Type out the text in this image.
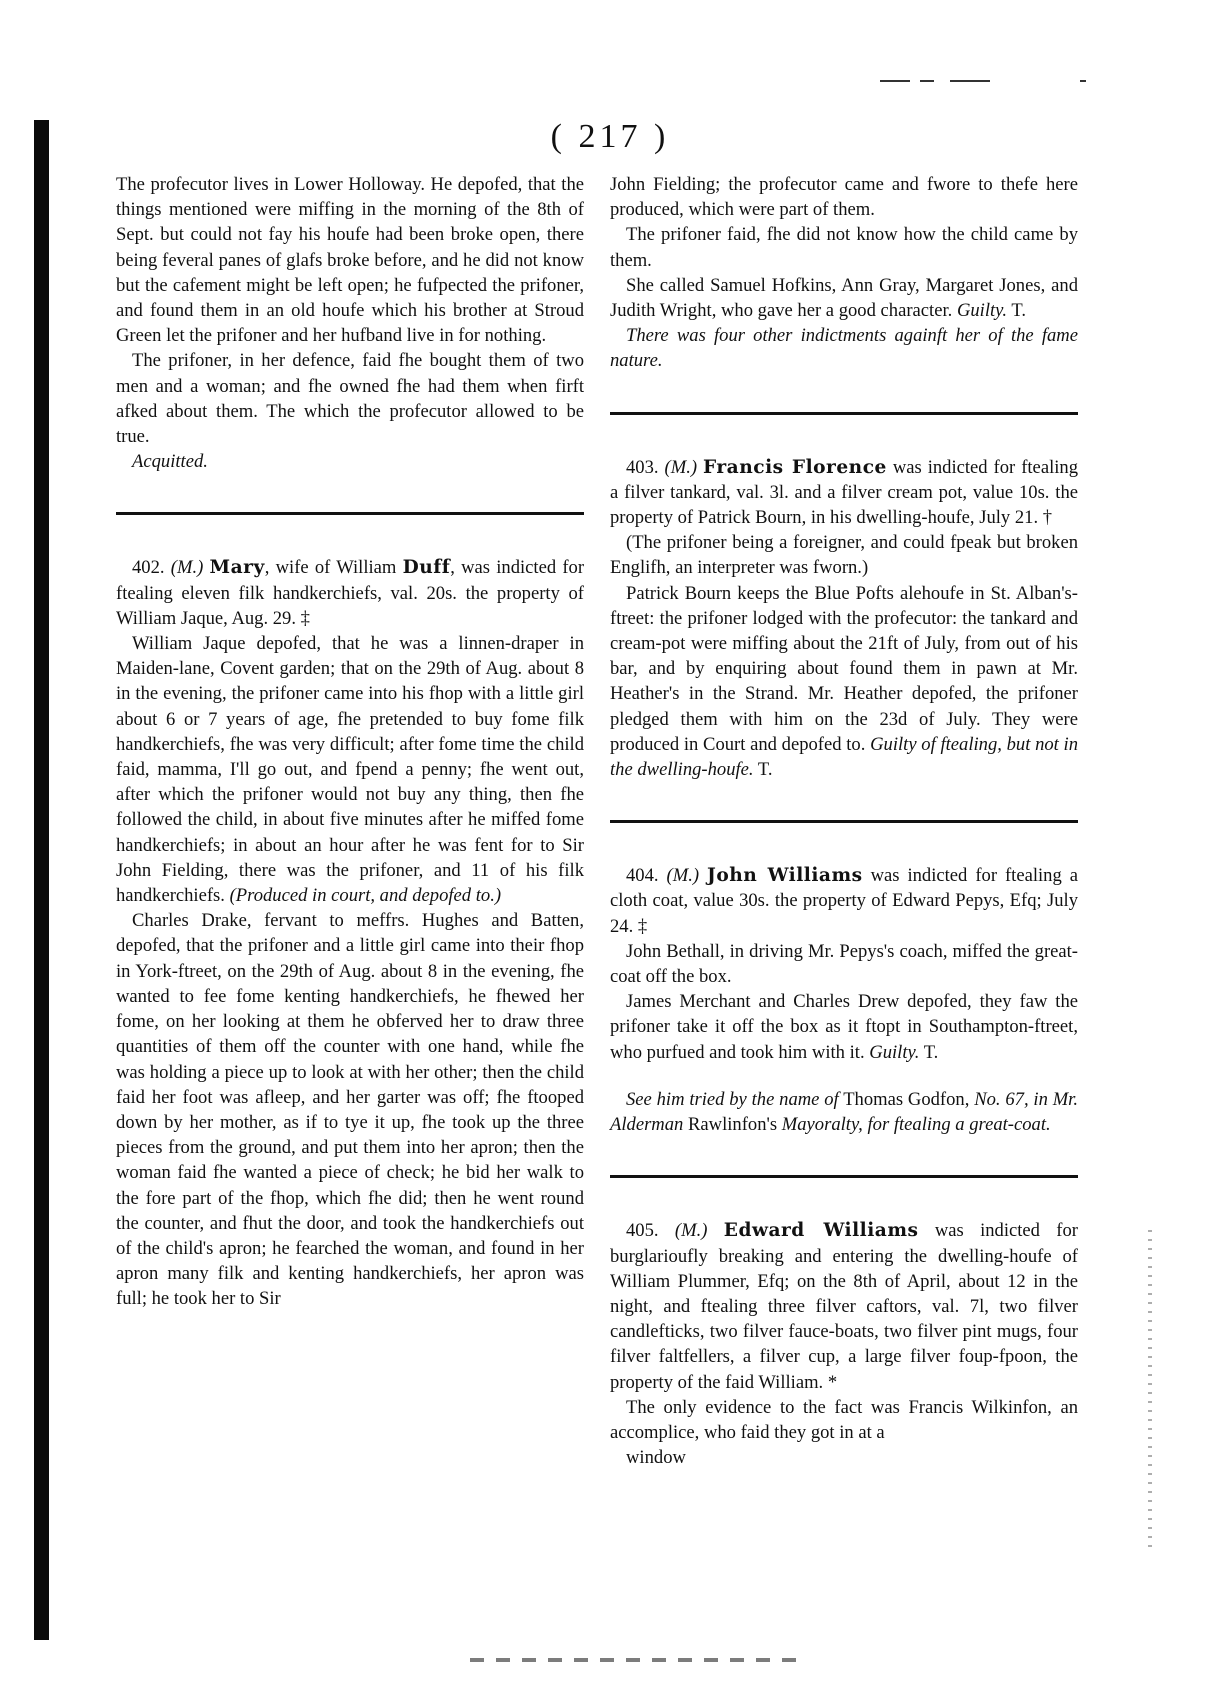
( 217 )

The profecutor lives in Lower Holloway. He depofed, that the things mentioned were miffing in the morning of the 8th of Sept. but could not fay his houfe had been broke open, there being feveral panes of glafs broke before, and he did not know but the cafement might be left open; he fufpected the prifoner, and found them in an old houfe which his brother at Stroud Green let the prifoner and her hufband live in for nothing.

The prifoner, in her defence, faid fhe bought them of two men and a woman; and fhe owned fhe had them when firft afked about them. The which the profecutor allowed to be true.

Acquitted.

402. (M.) Mary, wife of William Duff, was indicted for ftealing eleven filk handkerchiefs, val. 20s. the property of William Jaque, Aug. 29. ‡

William Jaque depofed, that he was a linnen-draper in Maiden-lane, Covent garden; that on the 29th of Aug. about 8 in the evening, the prifoner came into his fhop with a little girl about 6 or 7 years of age, fhe pretended to buy fome filk handkerchiefs, fhe was very difficult; after fome time the child faid, mamma, I'll go out, and fpend a penny; fhe went out, after which the prifoner would not buy any thing, then fhe followed the child, in about five minutes after he miffed fome handkerchiefs; in about an hour after he was fent for to Sir John Fielding, there was the prifoner, and 11 of his filk handkerchiefs. (Produced in court, and depofed to.)

Charles Drake, fervant to meffrs. Hughes and Batten, depofed, that the prifoner and a little girl came into their fhop in York-ftreet, on the 29th of Aug. about 8 in the evening, fhe wanted to fee fome kenting handkerchiefs, he fhewed her fome, on her looking at them he obferved her to draw three quantities of them off the counter with one hand, while fhe was holding a piece up to look at with her other; then the child faid her foot was afleep, and her garter was off; fhe ftooped down by her mother, as if to tye it up, fhe took up the three pieces from the ground, and put them into her apron; then the woman faid fhe wanted a piece of check; he bid her walk to the fore part of the fhop, which fhe did; then he went round the counter, and fhut the door, and took the handkerchiefs out of the child's apron; he fearched the woman, and found in her apron many filk and kenting handkerchiefs, her apron was full; he took her to Sir

John Fielding; the profecutor came and fwore to thefe here produced, which were part of them.

The prifoner faid, fhe did not know how the child came by them.

She called Samuel Hofkins, Ann Gray, Margaret Jones, and Judith Wright, who gave her a good character. Guilty. T.

There was four other indictments againft her of the fame nature.

403. (M.) Francis Florence was indicted for ftealing a filver tankard, val. 3l. and a filver cream pot, value 10s. the property of Patrick Bourn, in his dwelling-houfe, July 21. †

(The prifoner being a foreigner, and could fpeak but broken Englifh, an interpreter was fworn.)

Patrick Bourn keeps the Blue Pofts alehoufe in St. Alban's-ftreet: the prifoner lodged with the profecutor: the tankard and cream-pot were miffing about the 21ft of July, from out of his bar, and by enquiring about found them in pawn at Mr. Heather's in the Strand. Mr. Heather depofed, the prifoner pledged them with him on the 23d of July. They were produced in Court and depofed to. Guilty of ftealing, but not in the dwelling-houfe. T.

404. (M.) John Williams was indicted for ftealing a cloth coat, value 30s. the property of Edward Pepys, Efq; July 24. ‡

John Bethall, in driving Mr. Pepys's coach, miffed the great-coat off the box.

James Merchant and Charles Drew depofed, they faw the prifoner take it off the box as it ftopt in Southampton-ftreet, who purfued and took him with it. Guilty. T.

See him tried by the name of Thomas Godfon, No. 67, in Mr. Alderman Rawlinfon's Mayoralty, for ftealing a great-coat.

405. (M.) Edward Williams was indicted for burglarioufly breaking and entering the dwelling-houfe of William Plummer, Efq; on the 8th of April, about 12 in the night, and ftealing three filver caftors, val. 7l, two filver candlefticks, two filver fauce-boats, two filver pint mugs, four filver faltfellers, a filver cup, a large filver foup-fpoon, the property of the faid William. *

The only evidence to the fact was Francis Wilkinfon, an accomplice, who faid they got in at a

window
